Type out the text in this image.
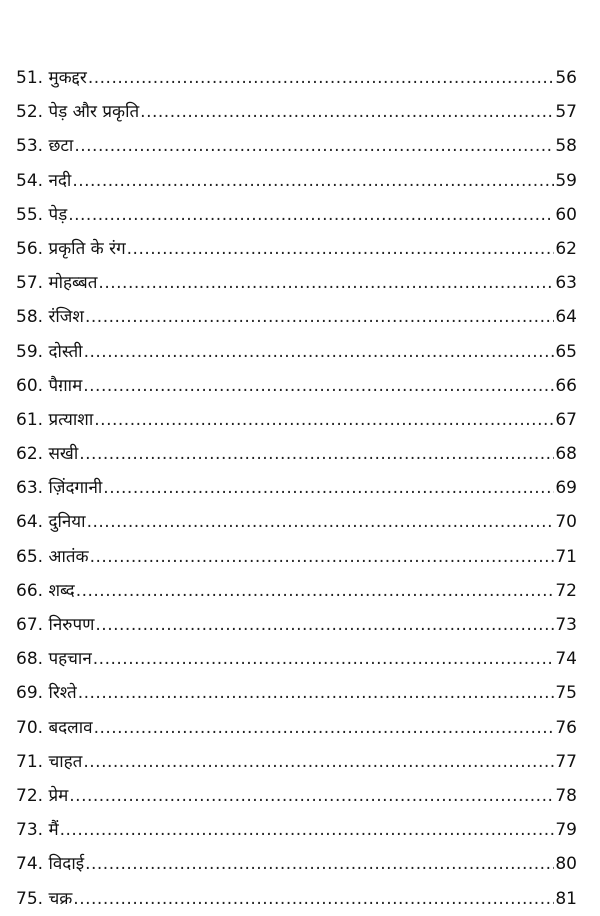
51. मुकद्दर .....	56
52. पेड़ और प्रकृति .....	57
53. छटा .....	58
54. नदी .....	59
55. पेड़ .....	60
56. प्रकृति के रंग .....	62
57. मोहब्बत .....	63
58. रंजिश .....	64
59. दोस्ती .....	65
60. पैग़ाम .....	66
61. प्रत्याशा .....	67
62. सखी .....	68
63. ज़िंदगानी .....	69
64. दुनिया .....	70
65. आतंक .....	71
66. शब्द .....	72
67. निरुपण .....	73
68. पहचान .....	74
69. रिश्ते .....	75
70. बदलाव .....	76
71. चाहत .....	77
72. प्रेम .....	78
73. मैं .....	79
74. विदाई .....	80
75. चक्र .....	81
